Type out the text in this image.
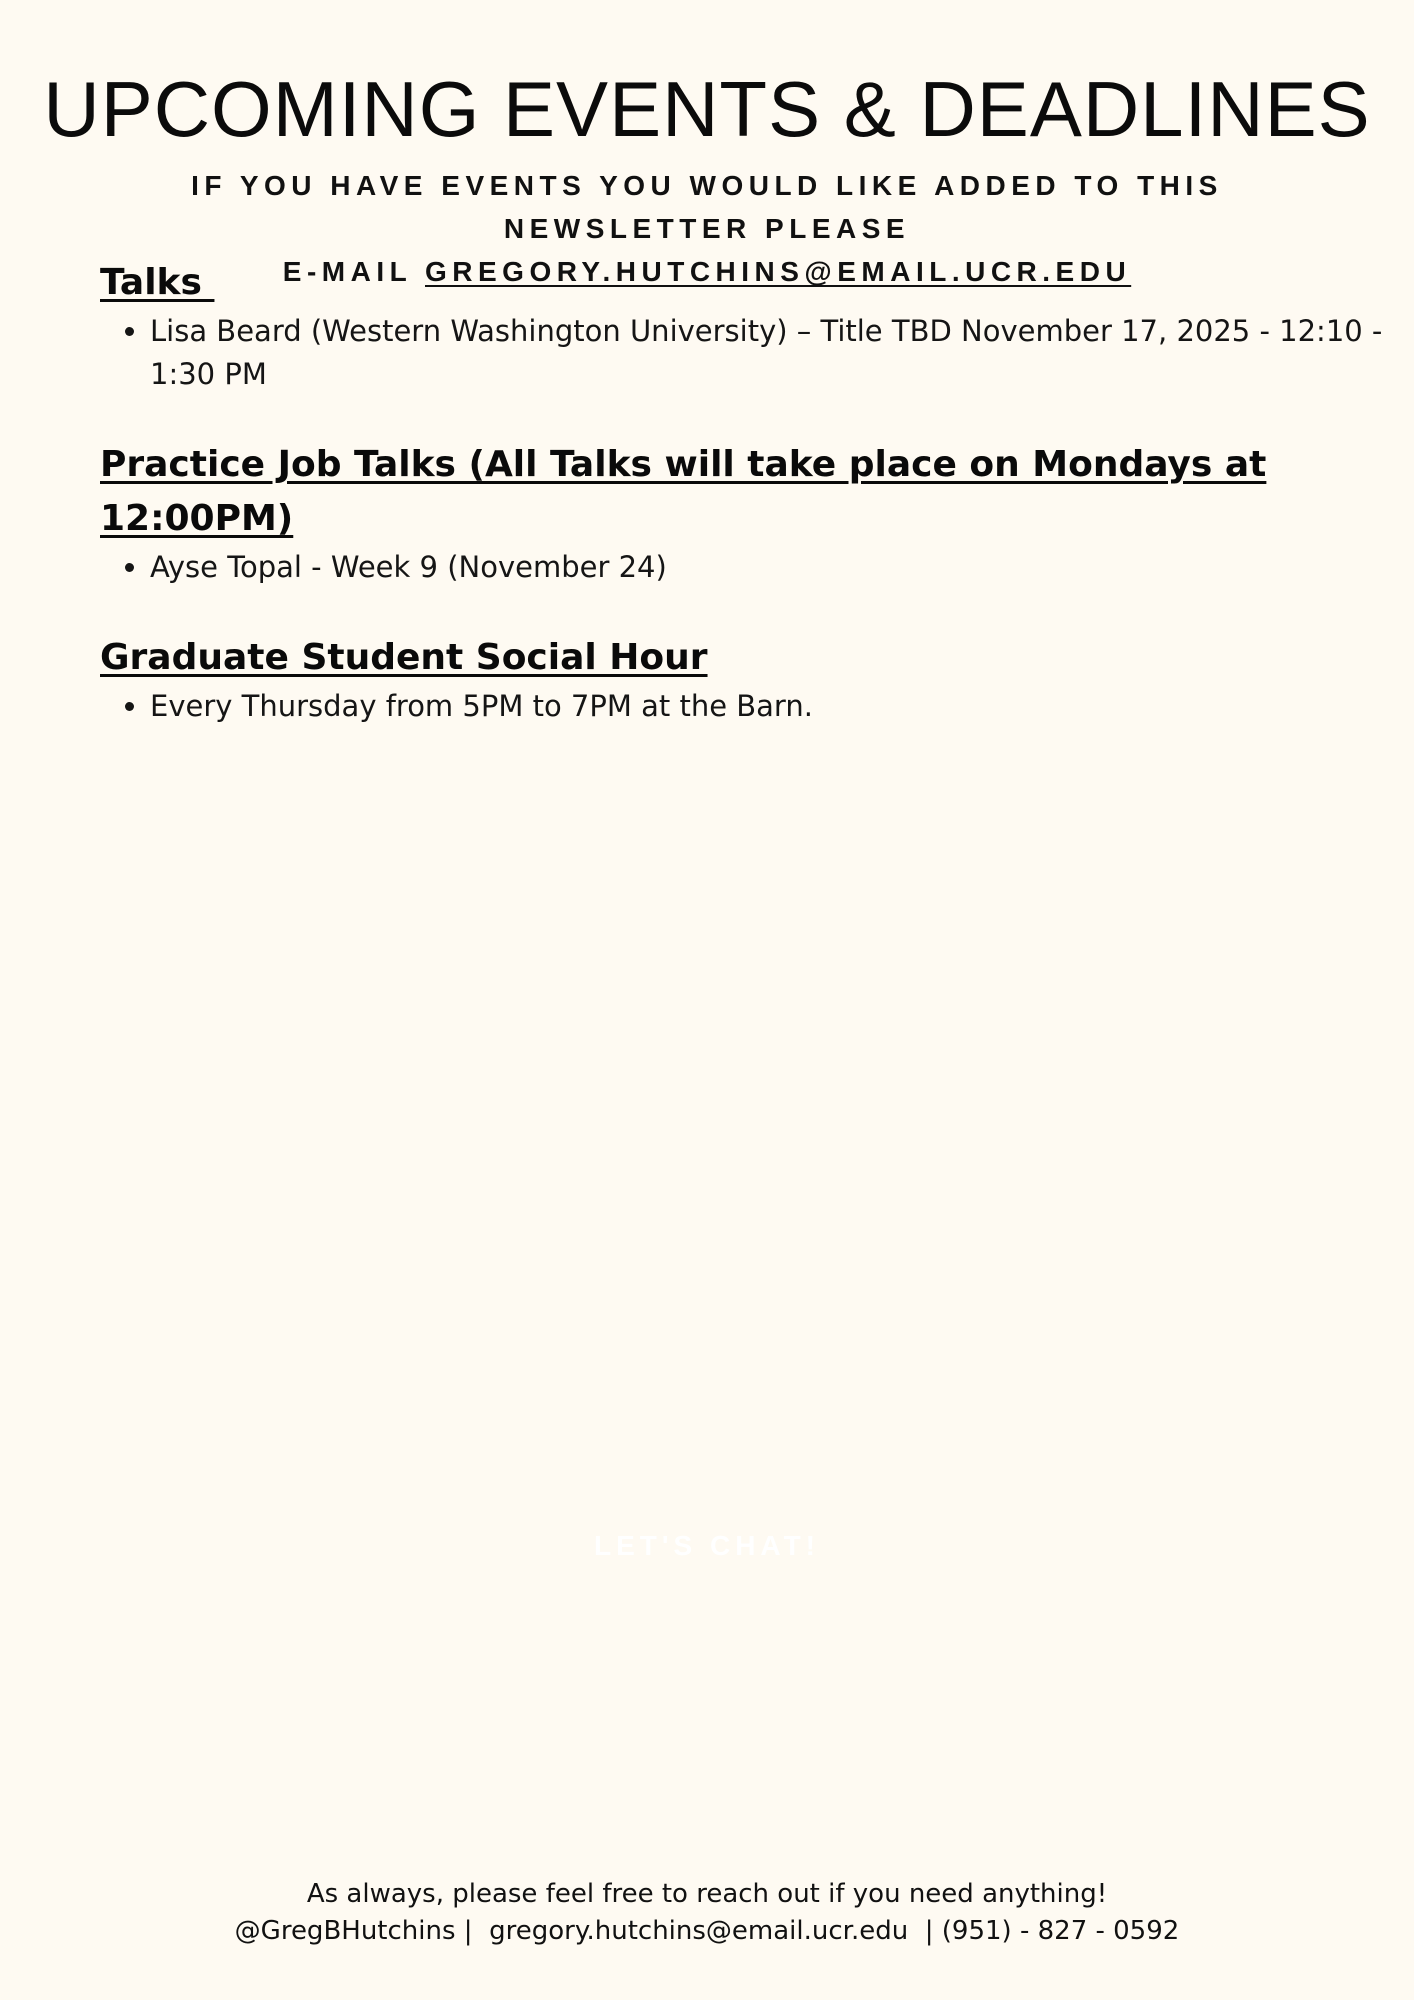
UPCOMING EVENTS & DEADLINES
IF YOU HAVE EVENTS YOU WOULD LIKE ADDED TO THIS NEWSLETTER PLEASE
E-MAIL GREGORY.HUTCHINS@EMAIL.UCR.EDU
Talks
• Lisa Beard (Western Washington University) – Title TBD November 17, 2025 - 12:10 - 1:30 PM
Practice Job Talks (All Talks will take place on Mondays at 12:00PM)
• Ayse Topal - Week 9 (November 24)
Graduate Student Social Hour
• Every Thursday from 5PM to 7PM at the Barn.
LET'S CHAT!
As always, please feel free to reach out if you need anything!
@GregBHutchins |  gregory.hutchins@email.ucr.edu  | (951) - 827 - 0592
